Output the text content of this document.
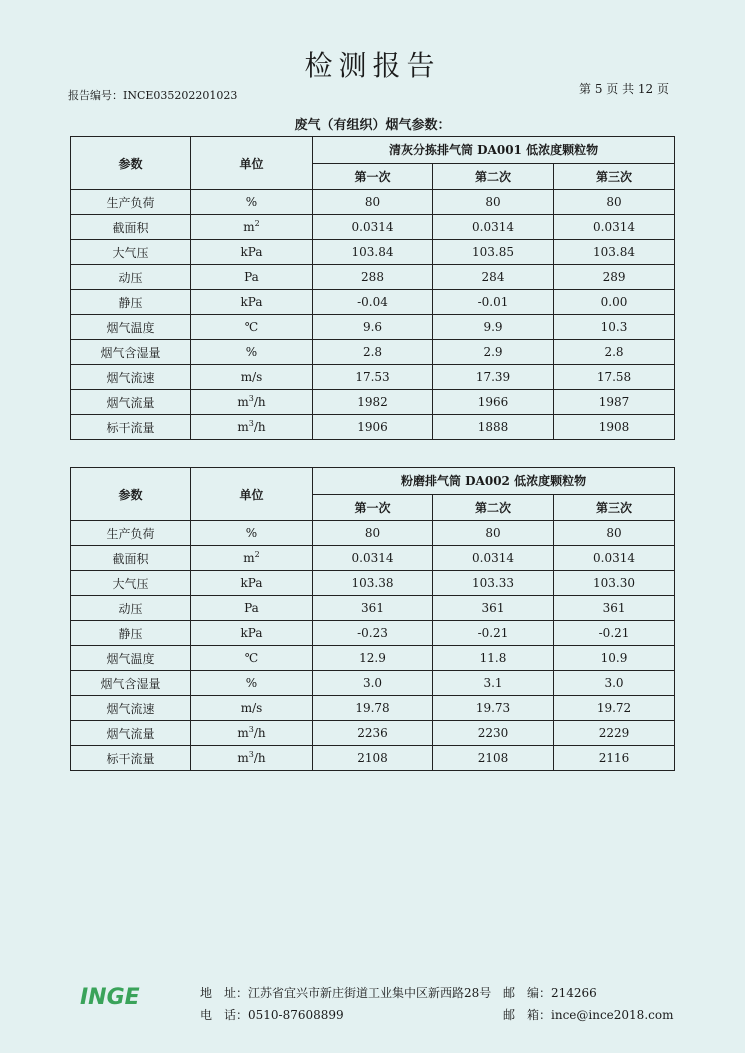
检测报告
报告编号：INCE035202201023	第 5 页 共 12 页
废气（有组织）烟气参数：
参数	单位	清灰分拣排气筒 DA001 低浓度颗粒物		
		第一次	第二次	第三次
生产负荷	%	80	80	80
截面积	$m^2$	0.0314	0.0314	0.0314
大气压	kPa	103.84	103.85	103.84
动压	Pa	288	284	289
静压	kPa	-0.04	-0.01	0.00
烟气温度	℃	9.6	9.9	10.3
烟气含湿量	%	2.8	2.9	2.8
烟气流速	m/s	17.53	17.39	17.58
烟气流量	$m^3/h$	1982	1966	1987
标干流量	$m^3/h$	1906	1888	1908
参数	单位	粉磨排气筒 DA002 低浓度颗粒物		
		第一次	第二次	第三次
生产负荷	%	80	80	80
截面积	$m^2$	0.0314	0.0314	0.0314
大气压	kPa	103.38	103.33	103.30
动压	Pa	361	361	361
静压	kPa	-0.23	-0.21	-0.21
烟气温度	℃	12.9	11.8	10.9
烟气含湿量	%	3.0	3.1	3.0
烟气流速	m/s	19.78	19.73	19.72
烟气流量	$m^3/h$	2236	2230	2229
标干流量	$m^3/h$	2108	2108	2116
INGE	地　址：江苏省宜兴市新庄街道工业集中区新西路28号
电　话：0510-87608899
邮　编：214266
邮　箱：ince@ince2018.com
